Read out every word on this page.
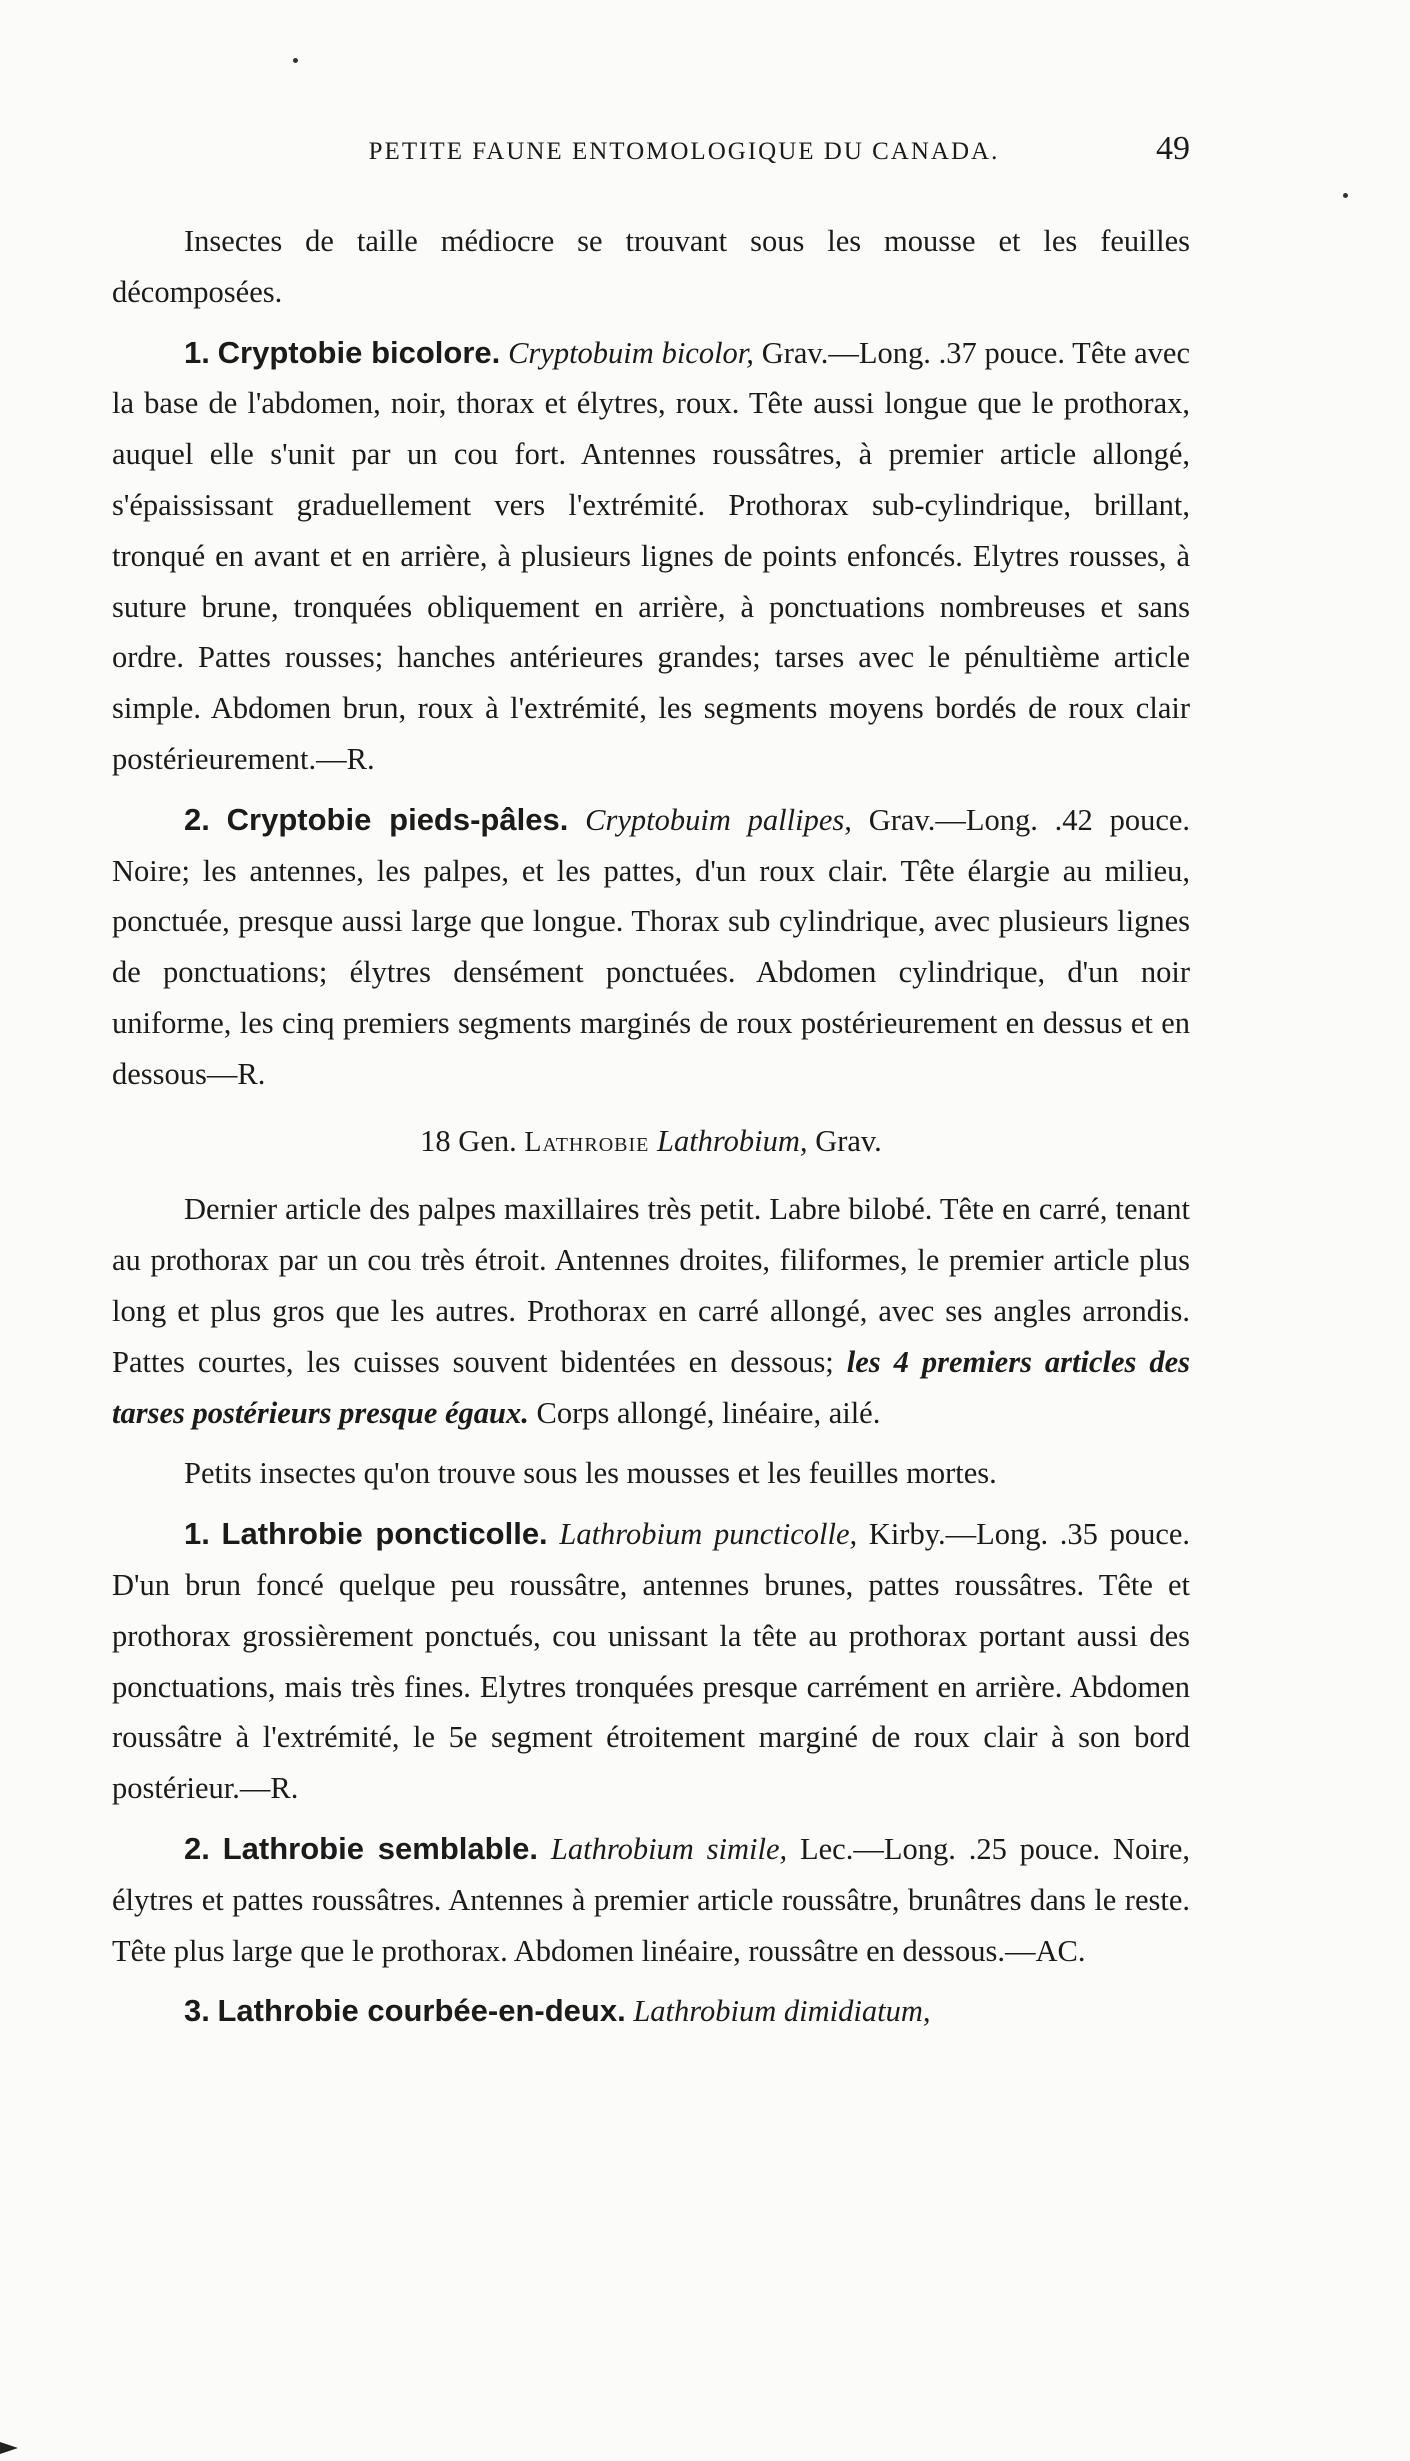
PETITE FAUNE ENTOMOLOGIQUE DU CANADA.	49

Insectes de taille médiocre se trouvant sous les mousse et les feuilles décomposées.

1. Cryptobie bicolore. Cryptobuim bicolor, Grav.—Long. .37 pouce. Tête avec la base de l'abdomen, noir, thorax et élytres, roux. Tête aussi longue que le prothorax, auquel elle s'unit par un cou fort. Antennes roussâtres, à premier article allongé, s'épaississant graduellement vers l'extrémité. Prothorax sub-cylindrique, brillant, tronqué en avant et en arrière, à plusieurs lignes de points enfoncés. Elytres rousses, à suture brune, tronquées obliquement en arrière, à ponctuations nombreuses et sans ordre. Pattes rousses; hanches antérieures grandes; tarses avec le pénultième article simple. Abdomen brun, roux à l'extrémité, les segments moyens bordés de roux clair postérieurement.—R.

2. Cryptobie pieds-pâles. Cryptobuim pallipes, Grav.—Long. .42 pouce. Noire; les antennes, les palpes, et les pattes, d'un roux clair. Tête élargie au milieu, ponctuée, presque aussi large que longue. Thorax sub cylindrique, avec plusieurs lignes de ponctuations; élytres densément ponctuées. Abdomen cylindrique, d'un noir uniforme, les cinq premiers segments marginés de roux postérieurement en dessus et en dessous—R.

18 Gen. Lathrobie Lathrobium, Grav.

Dernier article des palpes maxillaires très petit. Labre bilobé. Tête en carré, tenant au prothorax par un cou très étroit. Antennes droites, filiformes, le premier article plus long et plus gros que les autres. Prothorax en carré allongé, avec ses angles arrondis. Pattes courtes, les cuisses souvent bidentées en dessous; les 4 premiers articles des tarses postérieurs presque égaux. Corps allongé, linéaire, ailé.

Petits insectes qu'on trouve sous les mousses et les feuilles mortes.

1. Lathrobie poncticolle. Lathrobium puncticolle, Kirby.—Long. .35 pouce. D'un brun foncé quelque peu roussâtre, antennes brunes, pattes roussâtres. Tête et prothorax grossièrement ponctués, cou unissant la tête au prothorax portant aussi des ponctuations, mais très fines. Elytres tronquées presque carrément en arrière. Abdomen roussâtre à l'extrémité, le 5e segment étroitement marginé de roux clair à son bord postérieur.—R.

2. Lathrobie semblable. Lathrobium simile, Lec.—Long. .25 pouce. Noire, élytres et pattes roussâtres. Antennes à premier article roussâtre, brunâtres dans le reste. Tête plus large que le prothorax. Abdomen linéaire, roussâtre en dessous.—AC.

3. Lathrobie courbée-en-deux. Lathrobium dimidiatum,
